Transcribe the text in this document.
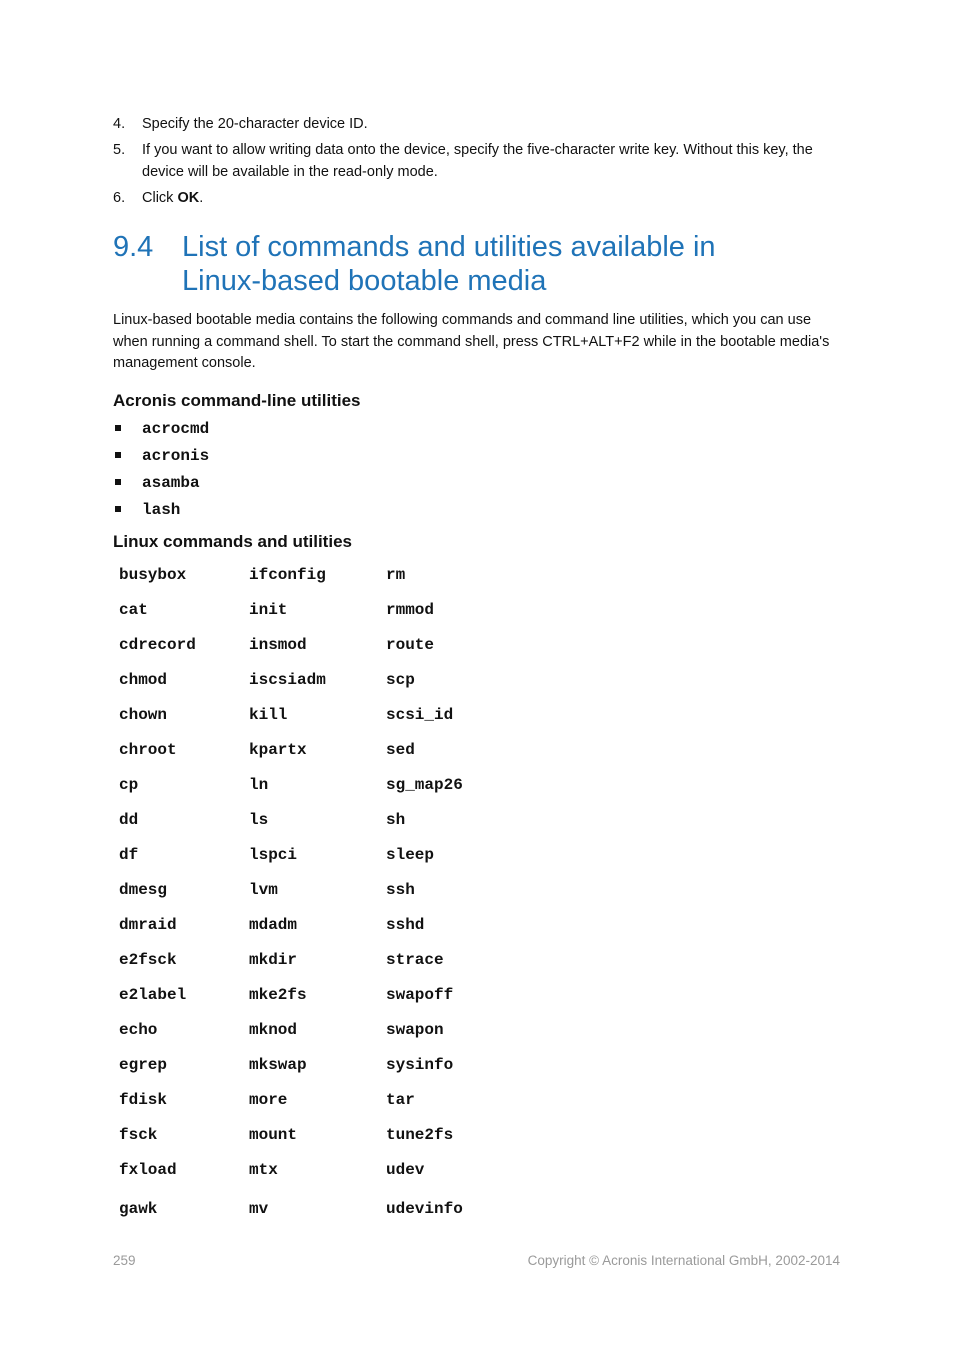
4. Specify the 20-character device ID.
5. If you want to allow writing data onto the device, specify the five-character write key. Without this key, the device will be available in the read-only mode.
6. Click OK.
9.4 List of commands and utilities available in Linux-based bootable media

Linux-based bootable media contains the following commands and command line utilities, which you can use when running a command shell. To start the command shell, press CTRL+ALT+F2 while in the bootable media's management console.

Acronis command-line utilities
acrocmd
acronis
asamba
lash
Linux commands and utilities
busybox	ifconfig	rm
cat	init	rmmod
cdrecord	insmod	route
chmod	iscsiadm	scp
chown	kill	scsi_id
chroot	kpartx	sed
cp	ln	sg_map26
dd	ls	sh
df	lspci	sleep
dmesg	lvm	ssh
dmraid	mdadm	sshd
e2fsck	mkdir	strace
e2label	mke2fs	swapoff
echo	mknod	swapon
egrep	mkswap	sysinfo
fdisk	more	tar
fsck	mount	tune2fs
fxload	mtx	udev
gawk	mv	udevinfo
259	Copyright © Acronis International GmbH, 2002-2014
